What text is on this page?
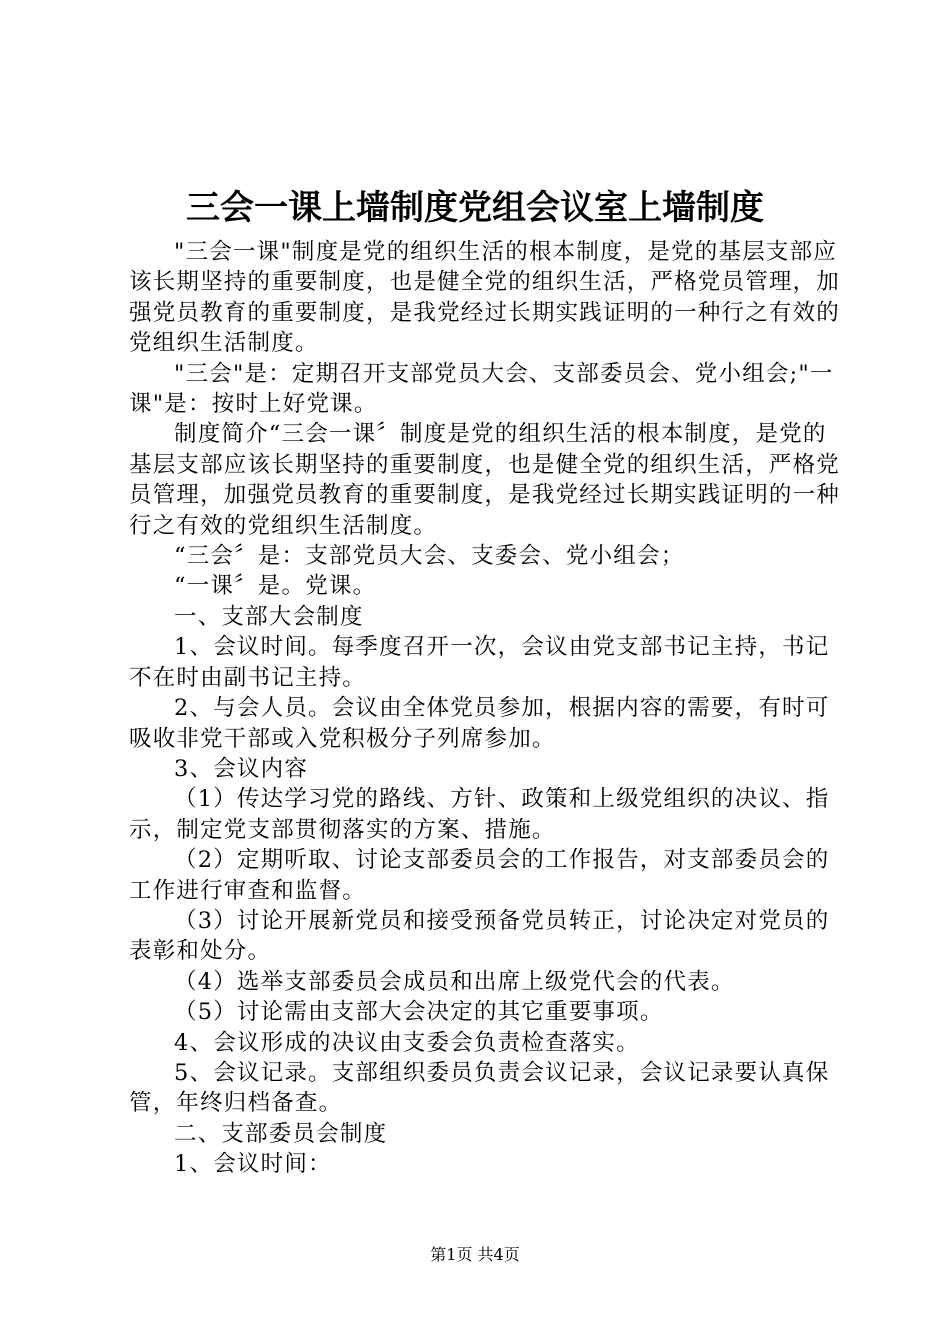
三会一课上墙制度党组会议室上墙制度

"三会一课"制度是党的组织生活的根本制度，是党的基层支部应该长期坚持的重要制度，也是健全党的组织生活，严格党员管理，加强党员教育的重要制度，是我党经过长期实践证明的一种行之有效的党组织生活制度。

"三会"是：定期召开支部党员大会、支部委员会、党小组会;"一课"是：按时上好党课。

制度简介“三会一课〞制度是党的组织生活的根本制度，是党的基层支部应该长期坚持的重要制度，也是健全党的组织生活，严格党员管理，加强党员教育的重要制度，是我党经过长期实践证明的一种行之有效的党组织生活制度。

“三会〞是：支部党员大会、支委会、党小组会；

“一课〞是。党课。

一、支部大会制度

1、会议时间。每季度召开一次，会议由党支部书记主持，书记不在时由副书记主持。

2、与会人员。会议由全体党员参加，根据内容的需要，有时可吸收非党干部或入党积极分子列席参加。

3、会议内容

（1）传达学习党的路线、方针、政策和上级党组织的决议、指示，制定党支部贯彻落实的方案、措施。

（2）定期听取、讨论支部委员会的工作报告，对支部委员会的工作进行审查和监督。

（3）讨论开展新党员和接受预备党员转正，讨论决定对党员的表彰和处分。

（4）选举支部委员会成员和出席上级党代会的代表。

（5）讨论需由支部大会决定的其它重要事项。

4、会议形成的决议由支委会负责检查落实。

5、会议记录。支部组织委员负责会议记录，会议记录要认真保管，年终归档备查。

二、支部委员会制度

1、会议时间：

第1页 共4页
